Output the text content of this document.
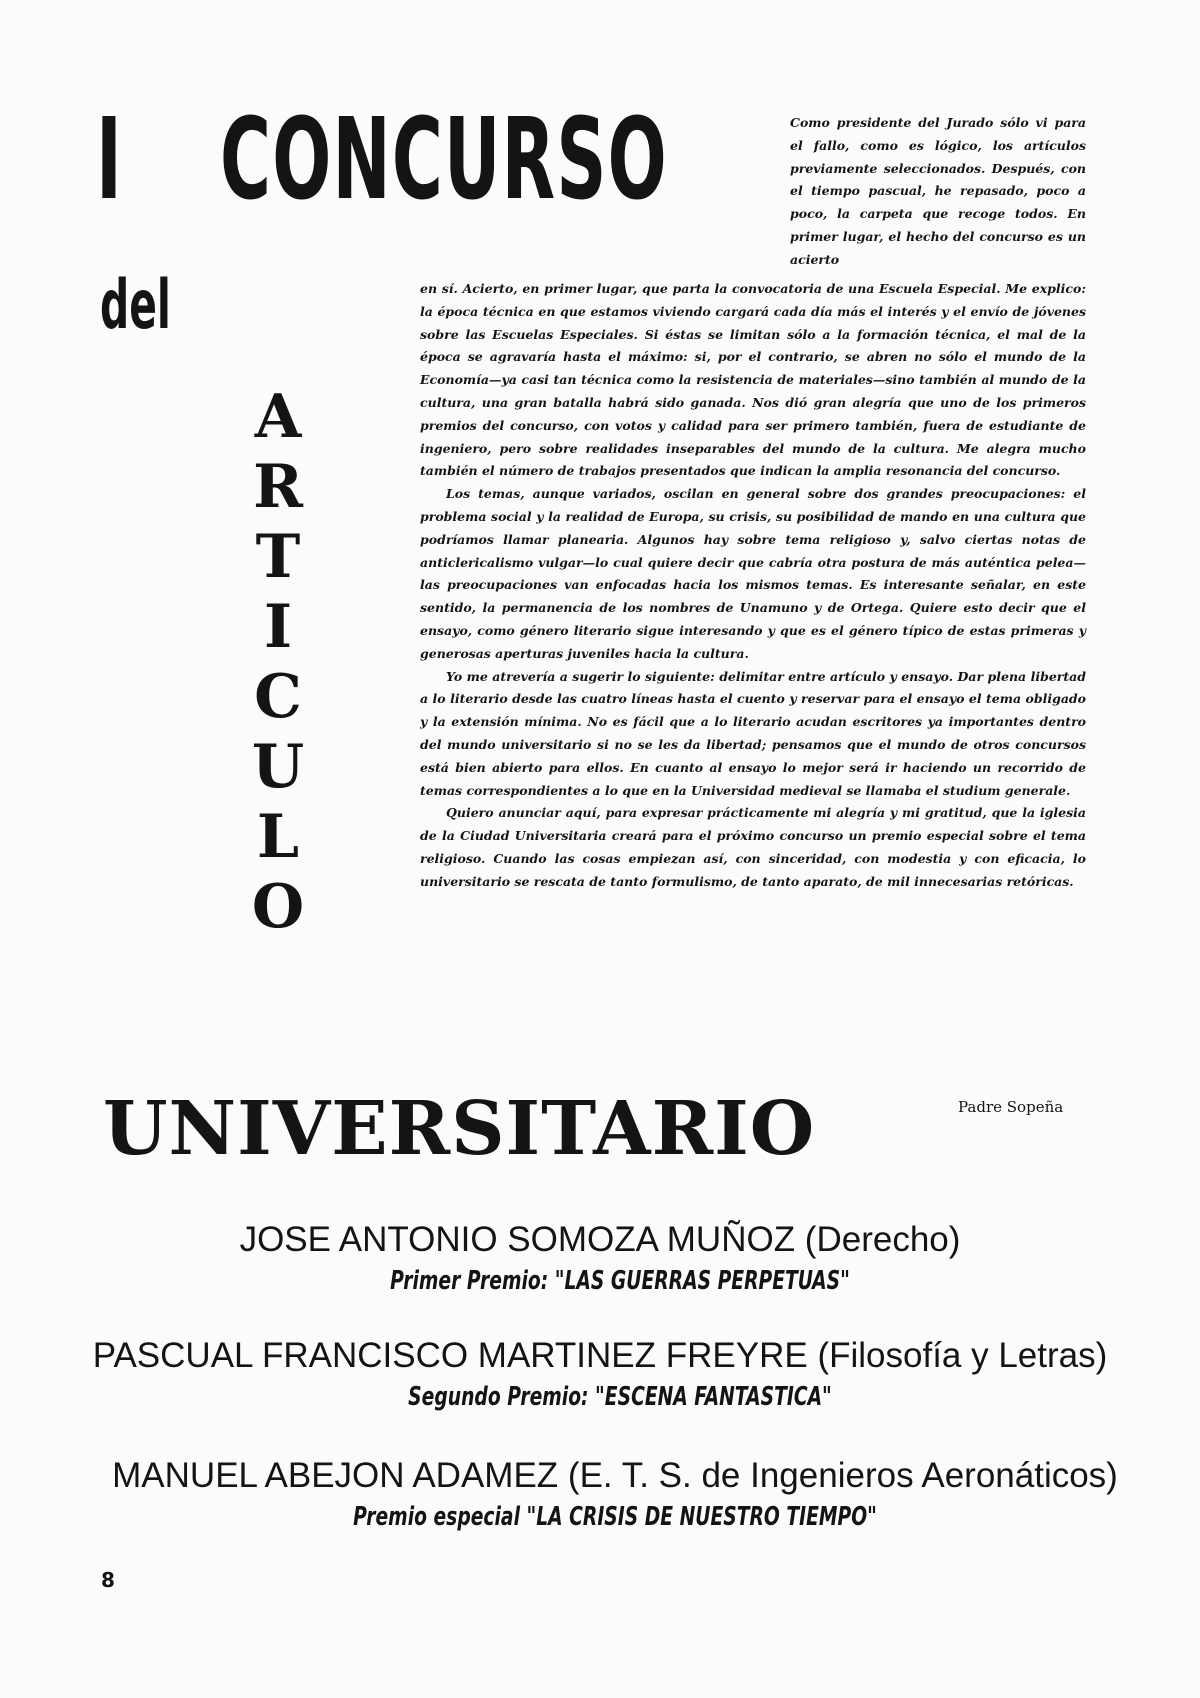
I CONCURSO
del
A
R
T
I
C
U
L
O

Como presidente del Jurado sólo vi para el fallo, como es lógico, los artículos previamente seleccionados. Después, con el tiempo pascual, he repasado, poco a poco, la carpeta que recoge todos. En primer lugar, el hecho del concurso es un acierto

en sí. Acierto, en primer lugar, que parta la convocatoria de una Escuela Especial. Me explico: la época técnica en que estamos viviendo cargará cada día más el interés y el envío de jóvenes sobre las Escuelas Especiales. Si éstas se limitan sólo a la formación técnica, el mal de la época se agravaría hasta el máximo: si, por el contrario, se abren no sólo el mundo de la Economía—ya casi tan técnica como la resistencia de materiales—sino también al mundo de la cultura, una gran batalla habrá sido ganada. Nos dió gran alegría que uno de los primeros premios del concurso, con votos y calidad para ser primero también, fuera de estudiante de ingeniero, pero sobre realidades inseparables del mundo de la cultura. Me alegra mucho también el número de trabajos presentados que indican la amplia resonancia del concurso.

Los temas, aunque variados, oscilan en general sobre dos grandes preocupaciones: el problema social y la realidad de Europa, su crisis, su posibilidad de mando en una cultura que podríamos llamar planearia. Algunos hay sobre tema religioso y, salvo ciertas notas de anticlericalismo vulgar—lo cual quiere decir que cabría otra postura de más auténtica pelea—las preocupaciones van enfocadas hacia los mismos temas. Es interesante señalar, en este sentido, la permanencia de los nombres de Unamuno y de Ortega. Quiere esto decir que el ensayo, como género literario sigue interesando y que es el género típico de estas primeras y generosas aperturas juveniles hacia la cultura.

Yo me atrevería a sugerir lo siguiente: delimitar entre artículo y ensayo. Dar plena libertad a lo literario desde las cuatro líneas hasta el cuento y reservar para el ensayo el tema obligado y la extensión mínima. No es fácil que a lo literario acudan escritores ya importantes dentro del mundo universitario si no se les da libertad; pensamos que el mundo de otros concursos está bien abierto para ellos. En cuanto al ensayo lo mejor será ir haciendo un recorrido de temas correspondientes a lo que en la Universidad medieval se llamaba el studium generale.

Quiero anunciar aquí, para expresar prácticamente mi alegría y mi gratitud, que la iglesia de la Ciudad Universitaria creará para el próximo concurso un premio especial sobre el tema religioso. Cuando las cosas empiezan así, con sinceridad, con modestia y con eficacia, lo universitario se rescata de tanto formulismo, de tanto aparato, de mil innecesarias retóricas.

UNIVERSITARIO	Padre Sopeña
JOSE ANTONIO SOMOZA MUÑOZ (Derecho)
Primer Premio: "LAS GUERRAS PERPETUAS"
PASCUAL FRANCISCO MARTINEZ FREYRE (Filosofía y Letras)
Segundo Premio: "ESCENA FANTASTICA"
MANUEL ABEJON ADAMEZ (E. T. S. de Ingenieros Aeronáticos)
Premio especial "LA CRISIS DE NUESTRO TIEMPO"
8
